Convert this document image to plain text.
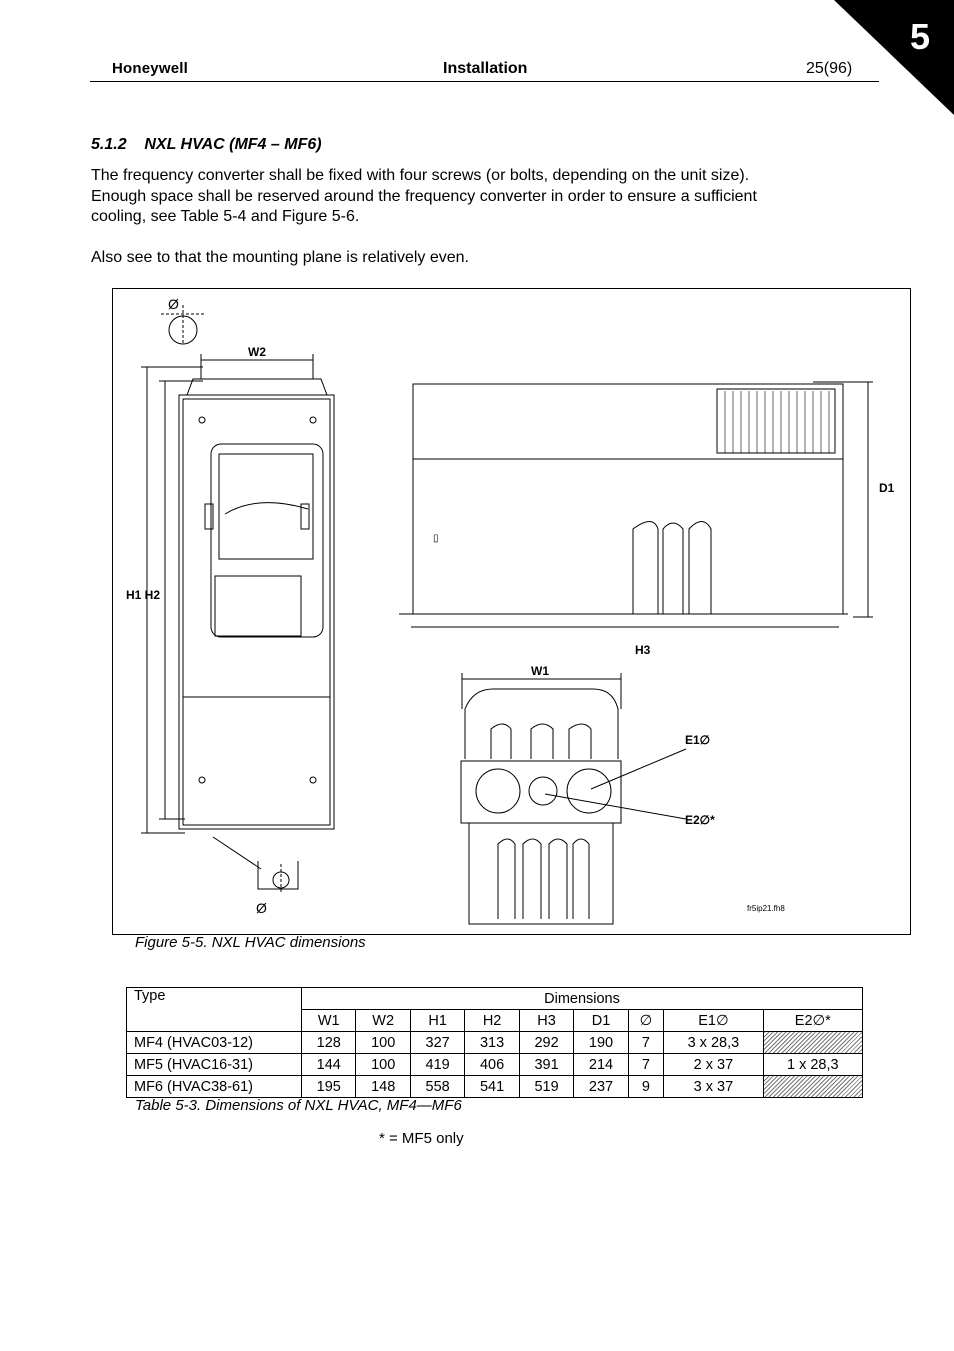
5
Honeywell	Installation	25(96)
5.1.2    NXL HVAC (MF4 – MF6)
The frequency converter shall be fixed with four screws (or bolts, depending on the unit size).
Enough space shall be reserved around the frequency converter in order to ensure a sufficient
cooling, see Table 5-4 and Figure 5-6.
Also see to that the mounting plane is relatively even.
Ø
W2
H1 H2
Ø
▯
D1
H3
W1
E1∅
E2∅*
fr5ip21.fh8
Figure 5-5. NXL HVAC dimensions
Type	Dimensions								
	W1	W2	H1	H2	H3	D1	∅	E1∅	E2∅*
MF4 (HVAC03-12)	128	100	327	313	292	190	7	3 x 28,3	
MF5 (HVAC16-31)	144	100	419	406	391	214	7	2 x 37	1 x 28,3
MF6 (HVAC38-61)	195	148	558	541	519	237	9	3 x 37	
Table 5-3. Dimensions of NXL HVAC, MF4—MF6
* = MF5 only
